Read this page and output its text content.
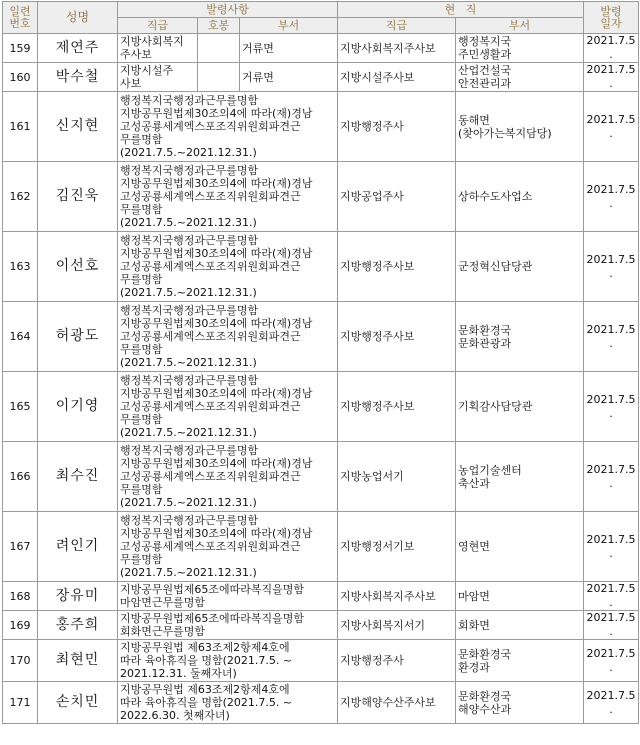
일련
번호	성명	발령사항			현   직		발령
일자
		직급	호봉	부서	직급	부서	
159	제연주	지방사회복지
주사보		거류면	지방사회복지주사보	행정복지국
주민생활과	2021.7.5
.
160	박수철	지방시설주
사보		거류면	지방시설주사보	산업건설국
안전관리과	2021.7.5
.
161	신지현	행정복지국행정과근무를명함
지방공무원법제30조의4에 따라(재)경남
고성공룡세계엑스포조직위원회파견근
무를명함
(2021.7.5.~2021.12.31.)			지방행정주사	동해면
(찾아가는복지담당)	2021.7.5
.
162	김진욱	행정복지국행정과근무를명함
지방공무원법제30조의4에 따라(재)경남
고성공룡세계엑스포조직위원회파견근
무를명함
(2021.7.5.~2021.12.31.)			지방공업주사	상하수도사업소	2021.7.5
.
163	이선호	행정복지국행정과근무를명함
지방공무원법제30조의4에 따라(재)경남
고성공룡세계엑스포조직위원회파견근
무를명함
(2021.7.5.~2021.12.31.)			지방행정주사보	군정혁신담당관	2021.7.5
.
164	허광도	행정복지국행정과근무를명함
지방공무원법제30조의4에 따라(재)경남
고성공룡세계엑스포조직위원회파견근
무를명함
(2021.7.5.~2021.12.31.)			지방행정주사보	문화환경국
문화관광과	2021.7.5
.
165	이기영	행정복지국행정과근무를명함
지방공무원법제30조의4에 따라(재)경남
고성공룡세계엑스포조직위원회파견근
무를명함
(2021.7.5.~2021.12.31.)			지방행정주사보	기획감사담당관	2021.7.5
.
166	최수진	행정복지국행정과근무를명함
지방공무원법제30조의4에 따라(재)경남
고성공룡세계엑스포조직위원회파견근
무를명함
(2021.7.5.~2021.12.31.)			지방농업서기	농업기술센터
축산과	2021.7.5
.
167	려인기	행정복지국행정과근무를명함
지방공무원법제30조의4에 따라(재)경남
고성공룡세계엑스포조직위원회파견근
무를명함
(2021.7.5.~2021.12.31.)			지방행정서기보	영현면	2021.7.5
.
168	장유미	지방공무원법제65조에따라복직을명함
마암면근무를명함			지방사회복지주사보	마암면	2021.7.5
.
169	홍주희	지방공무원법제65조에따라복직을명함
회화면근무를명함			지방사회복지서기	회화면	2021.7.5
.
170	최현민	지방공무원법 제63조제2항제4호에
따라 육아휴직을 명함(2021.7.5. ~
2021.12.31. 둘째자녀)			지방행정주사	문화환경국
환경과	2021.7.5
.
171	손치민	지방공무원법 제63조제2항제4호에
따라 육아휴직을 명함(2021.7.5. ~
2022.6.30. 첫째자녀)			지방해양수산주사보	문화환경국
해양수산과	2021.7.5
.
